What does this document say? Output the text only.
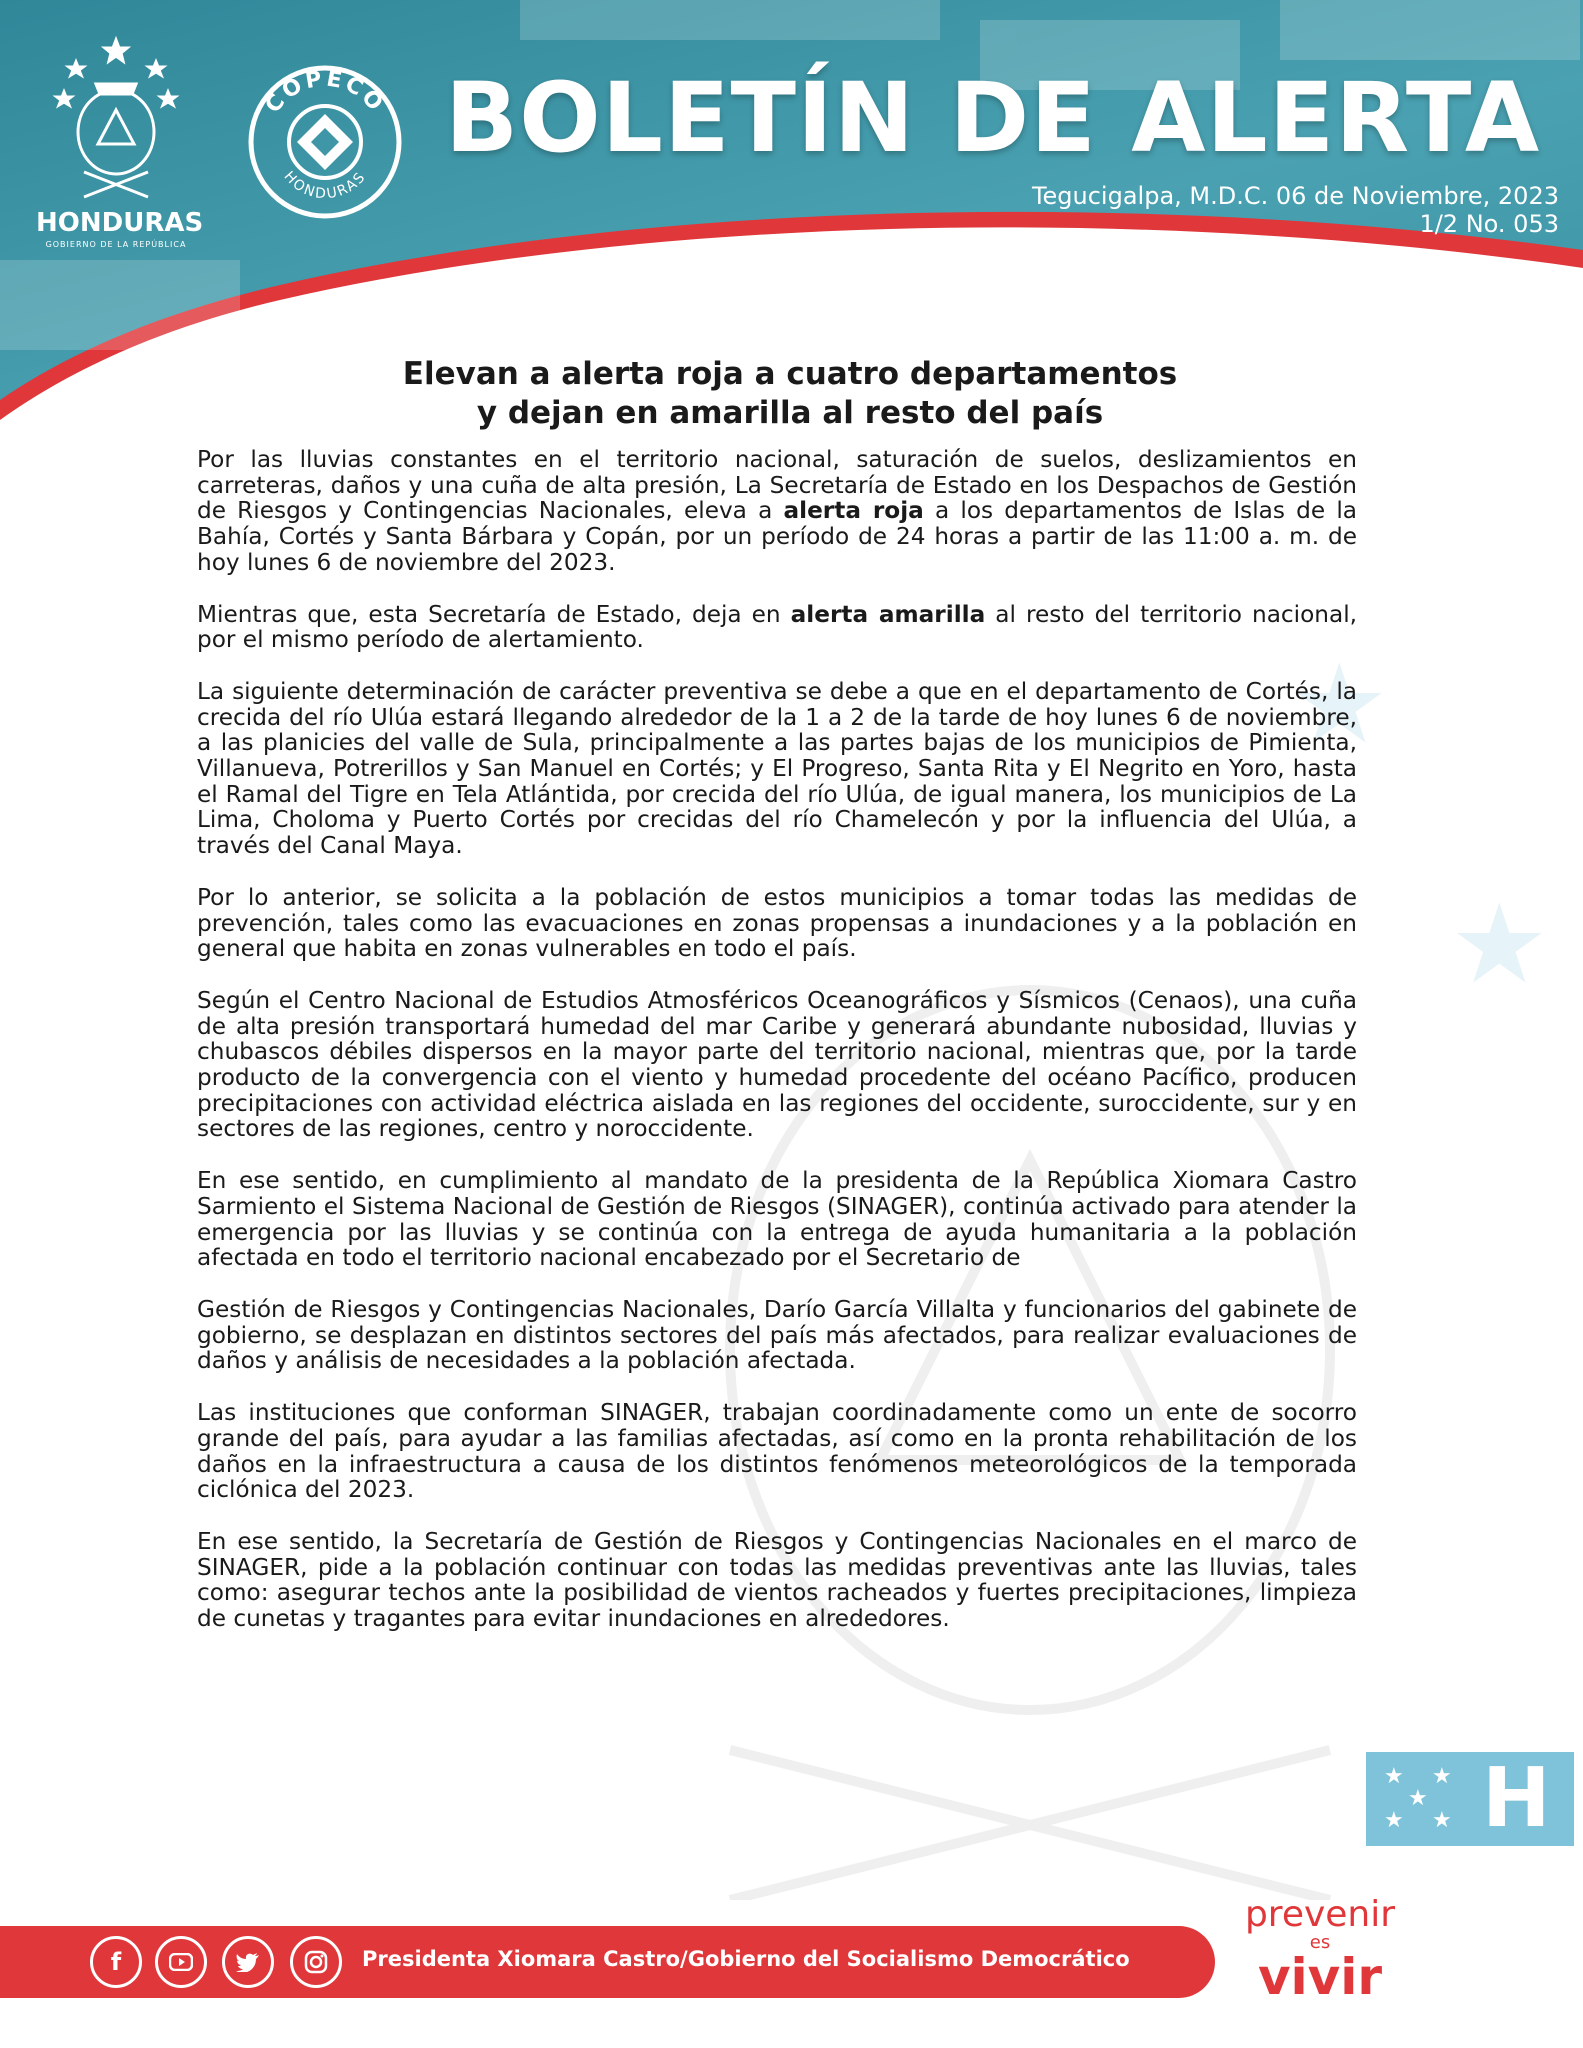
HONDURAS
GOBIERNO DE LA REPÚBLICA
COPECO
HONDURAS
BOLETÍN DE ALERTA
Tegucigalpa, M.D.C. 06 de Noviembre, 2023
1/2 No. 053
★
★
Elevan a alerta roja a cuatro departamentos
y dejan en amarilla al resto del país

Por las lluvias constantes en el territorio nacional, saturación de suelos, deslizamientos en carreteras, daños y una cuña de alta presión, La Secretaría de Estado en los Despachos de Gestión de Riesgos y Contingencias Nacionales, eleva a alerta roja a los departamentos de Islas de la Bahía, Cortés y Santa Bárbara y Copán, por un período de 24 horas a partir de las 11:00 a. m. de hoy lunes 6 de noviembre del 2023.

Mientras que, esta Secretaría de Estado, deja en alerta amarilla al resto del territorio nacional, por el mismo período de alertamiento.

La siguiente determinación de carácter preventiva se debe a que en el departamento de Cortés, la crecida del río Ulúa estará llegando alrededor de la 1 a 2 de la tarde de hoy lunes 6 de noviembre, a las planicies del valle de Sula, principalmente a las partes bajas de los municipios de Pimienta, Villanueva, Potrerillos y San Manuel en Cortés; y El Progreso, Santa Rita y El Negrito en Yoro, hasta el Ramal del Tigre en Tela Atlántida, por crecida del río Ulúa, de igual manera, los municipios de La Lima, Choloma y Puerto Cortés por crecidas del río Chamelecón y por la influencia del Ulúa, a través del Canal Maya.

Por lo anterior, se solicita a la población de estos municipios a tomar todas las medidas de prevención, tales como las evacuaciones en zonas propensas a inundaciones y a la población en general que habita en zonas vulnerables en todo el país.

Según el Centro Nacional de Estudios Atmosféricos Oceanográficos y Sísmicos (Cenaos), una cuña de alta presión transportará humedad del mar Caribe y generará abundante nubosidad, lluvias y chubascos débiles dispersos en la mayor parte del territorio nacional, mientras que, por la tarde producto de la convergencia con el viento y humedad procedente del océano Pacífico, producen precipitaciones con actividad eléctrica aislada en las regiones del occidente, suroccidente, sur y en sectores de las regiones, centro y noroccidente.

En ese sentido, en cumplimiento al mandato de la presidenta de la República Xiomara Castro Sarmiento el Sistema Nacional de Gestión de Riesgos (SINAGER), continúa activado para atender la emergencia por las lluvias y se continúa con la entrega de ayuda humanitaria a la población afectada en todo el territorio nacional encabezado por el Secretario de

Gestión de Riesgos y Contingencias Nacionales, Darío García Villalta y funcionarios del gabinete de gobierno, se desplazan en distintos sectores del país más afectados, para realizar evaluaciones de daños y análisis de necesidades a la población afectada.

Las instituciones que conforman SINAGER, trabajan coordinadamente como un ente de socorro grande del país, para ayudar a las familias afectadas, así como en la pronta rehabilitación de los daños en la infraestructura a causa de los distintos fenómenos meteorológicos de la temporada ciclónica del 2023.

En ese sentido, la Secretaría de Gestión de Riesgos y Contingencias Nacionales en el marco de SINAGER, pide a la población continuar con todas las medidas preventivas ante las lluvias, tales como: asegurar techos ante la posibilidad de vientos racheados y fuertes precipitaciones, limpieza de cunetas y tragantes para evitar inundaciones en alrededores.

★ ★
★
★ ★ H
f	Presidenta Xiomara Castro/Gobierno del Socialismo Democrático
prevenir
es
vivir
